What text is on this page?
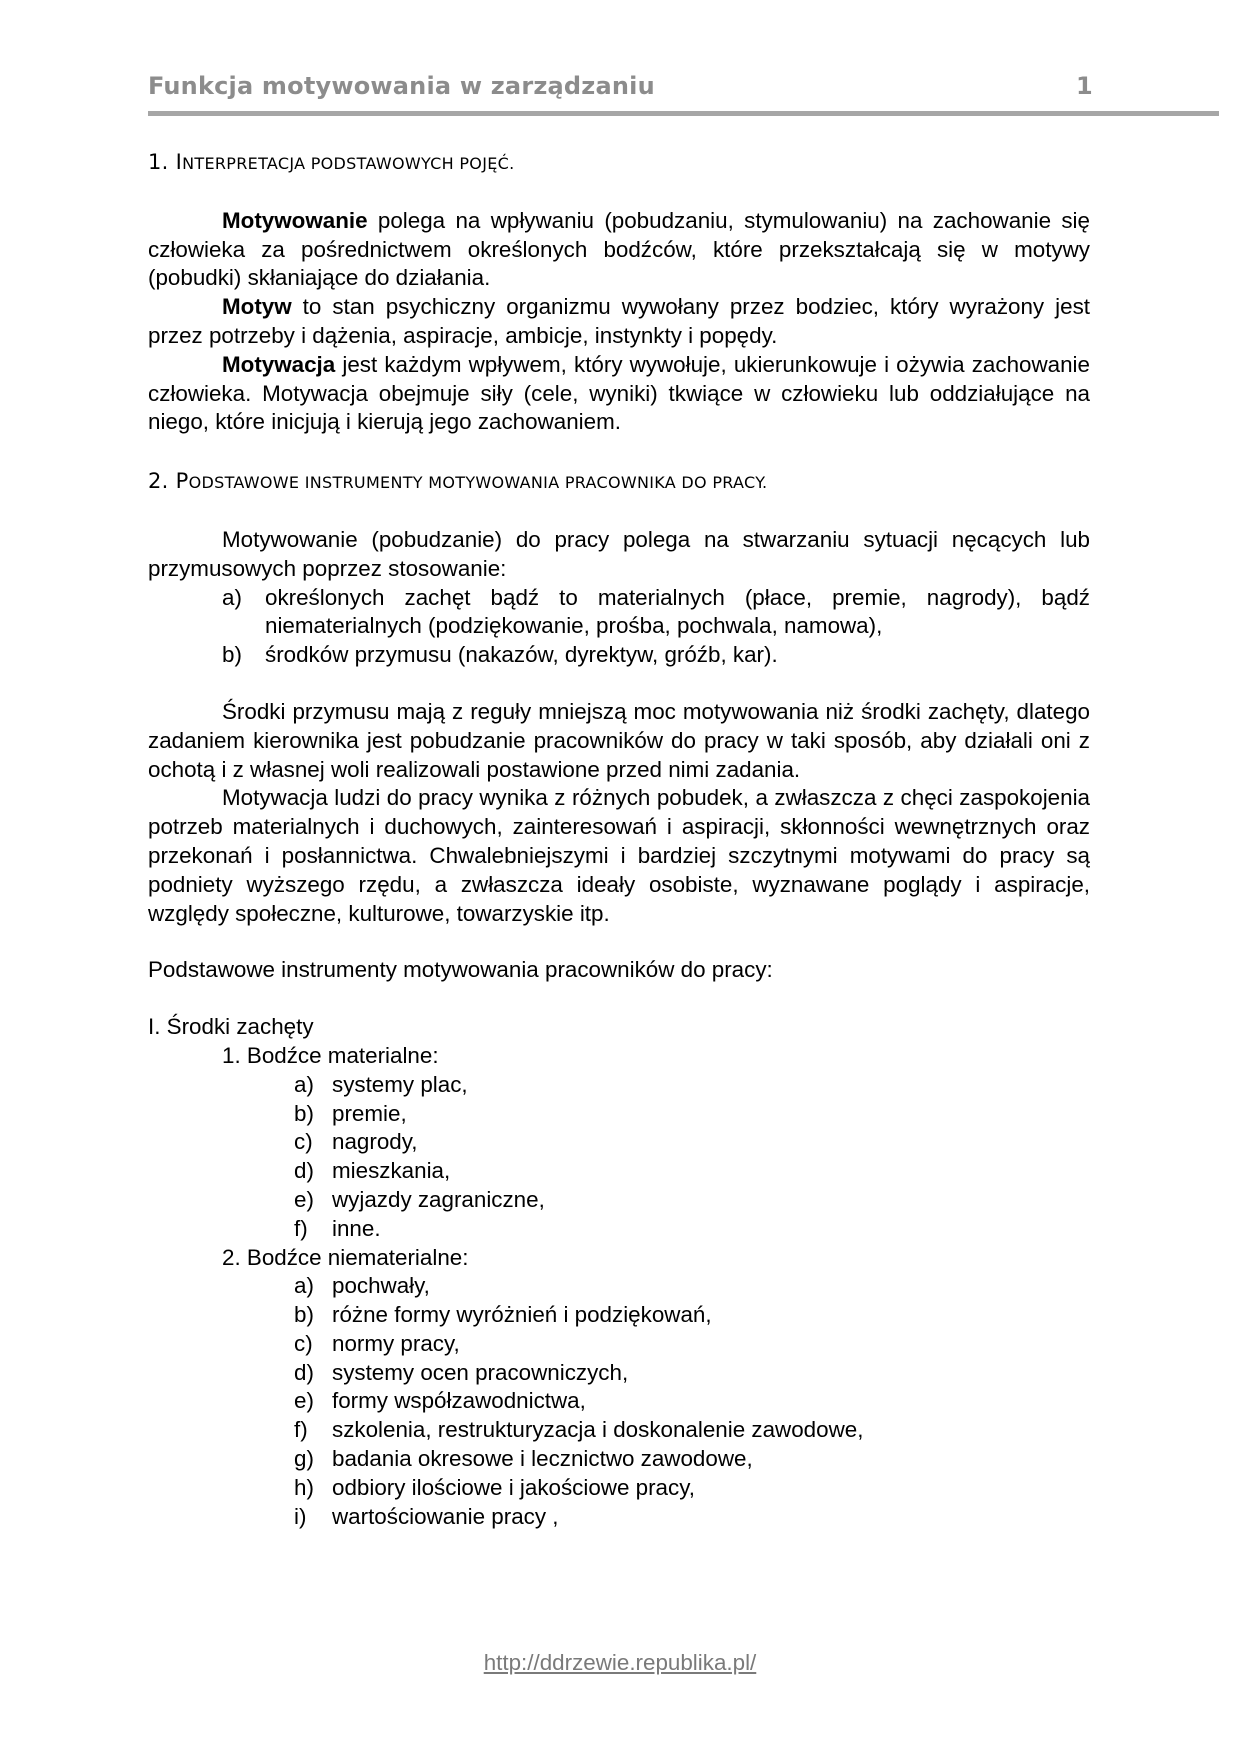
Funkcja motywowania w zarządzaniu	1

1. INTERPRETACJA PODSTAWOWYCH POJĘĆ.

Motywowanie polega na wpływaniu (pobudzaniu, stymulowaniu) na zachowanie się człowieka za pośrednictwem określonych bodźców, które przekształcają się w motywy (pobudki) skłaniające do działania.

Motyw to stan psychiczny organizmu wywołany przez bodziec, który wyrażony jest przez potrzeby i dążenia, aspiracje, ambicje, instynkty i popędy.

Motywacja jest każdym wpływem, który wywołuje, ukierunkowuje i ożywia zachowanie człowieka. Motywacja obejmuje siły (cele, wyniki) tkwiące w człowieku lub oddziałujące na niego, które inicjują i kierują jego zachowaniem.

2. PODSTAWOWE INSTRUMENTY MOTYWOWANIA PRACOWNIKA DO PRACY.

Motywowanie (pobudzanie) do pracy polega na stwarzaniu sytuacji nęcących lub przymusowych poprzez stosowanie:

a) określonych zachęt bądź to materialnych (płace, premie, nagrody), bądź niematerialnych (podziękowanie, prośba, pochwala, namowa),
b) środków przymusu (nakazów, dyrektyw, gróźb, kar).

Środki przymusu mają z reguły mniejszą moc motywowania niż środki zachęty, dlatego zadaniem kierownika jest pobudzanie pracowników do pracy w taki sposób, aby działali oni z ochotą i z własnej woli realizowali postawione przed nimi zadania.

Motywacja ludzi do pracy wynika z różnych pobudek, a zwłaszcza z chęci zaspokojenia potrzeb materialnych i duchowych, zainteresowań i aspiracji, skłonności wewnętrznych oraz przekonań i posłannictwa. Chwalebniejszymi i bardziej szczytnymi motywami do pracy są podniety wyższego rzędu, a zwłaszcza ideały osobiste, wyznawane poglądy i aspiracje, względy społeczne, kulturowe, towarzyskie itp.

Podstawowe instrumenty motywowania pracowników do pracy:

I. Środki zachęty

1. Bodźce materialne:

a) systemy plac,
b) premie,
c) nagrody,
d) mieszkania,
e) wyjazdy zagraniczne,
f) inne.

2. Bodźce niematerialne:

a) pochwały,
b) różne formy wyróżnień i podziękowań,
c) normy pracy,
d) systemy ocen pracowniczych,
e) formy współzawodnictwa,
f) szkolenia, restrukturyzacja i doskonalenie zawodowe,
g) badania okresowe i lecznictwo zawodowe,
h) odbiory ilościowe i jakościowe pracy,
i) wartościowanie pracy ,
http://ddrzewie.republika.pl/
